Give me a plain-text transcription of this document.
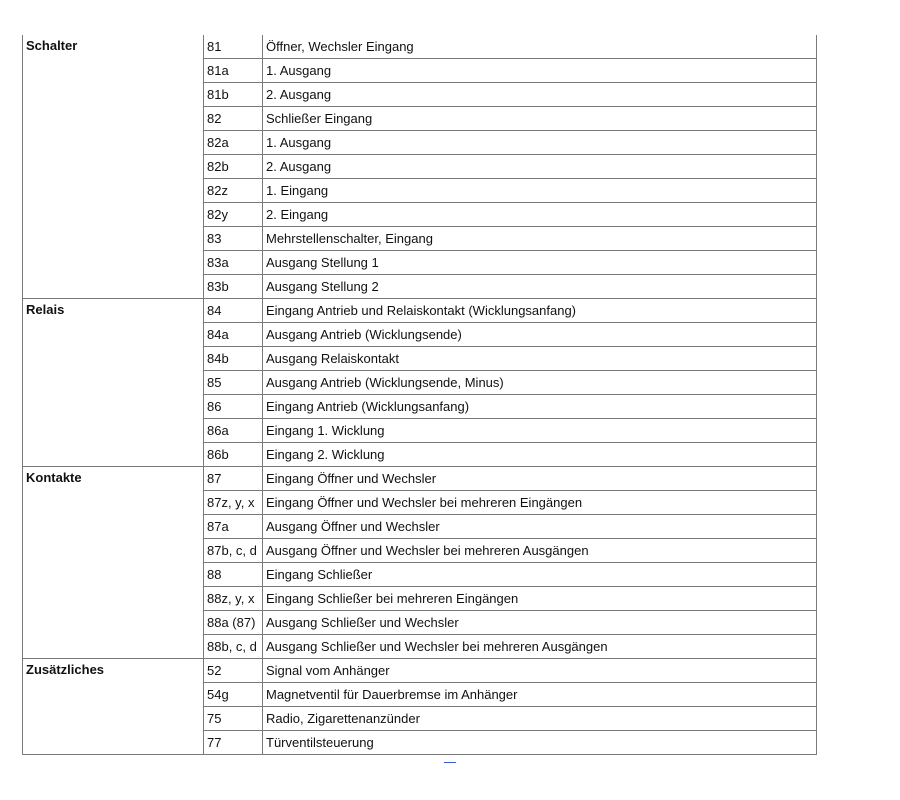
Schalter	81	Öffner, Wechsler Eingang
	81a	1. Ausgang
	81b	2. Ausgang
	82	Schließer Eingang
	82a	1. Ausgang
	82b	2. Ausgang
	82z	1. Eingang
	82y	2. Eingang
	83	Mehrstellenschalter, Eingang
	83a	Ausgang Stellung 1
	83b	Ausgang Stellung 2
Relais	84	Eingang Antrieb und Relaiskontakt (Wicklungsanfang)
	84a	Ausgang Antrieb (Wicklungsende)
	84b	Ausgang Relaiskontakt
	85	Ausgang Antrieb (Wicklungsende, Minus)
	86	Eingang Antrieb (Wicklungsanfang)
	86a	Eingang 1. Wicklung
	86b	Eingang 2. Wicklung
Kontakte	87	Eingang Öffner und Wechsler
	87z, y, x	Eingang Öffner und Wechsler bei mehreren Eingängen
	87a	Ausgang Öffner und Wechsler
	87b, c, d	Ausgang Öffner und Wechsler bei mehreren Ausgängen
	88	Eingang Schließer
	88z, y, x	Eingang Schließer bei mehreren Eingängen
	88a (87)	Ausgang Schließer und Wechsler
	88b, c, d	Ausgang Schließer und Wechsler bei mehreren Ausgängen
Zusätzliches	52	Signal vom Anhänger
	54g	Magnetventil für Dauerbremse im Anhänger
	75	Radio, Zigarettenanzünder
	77	Türventilsteuerung
